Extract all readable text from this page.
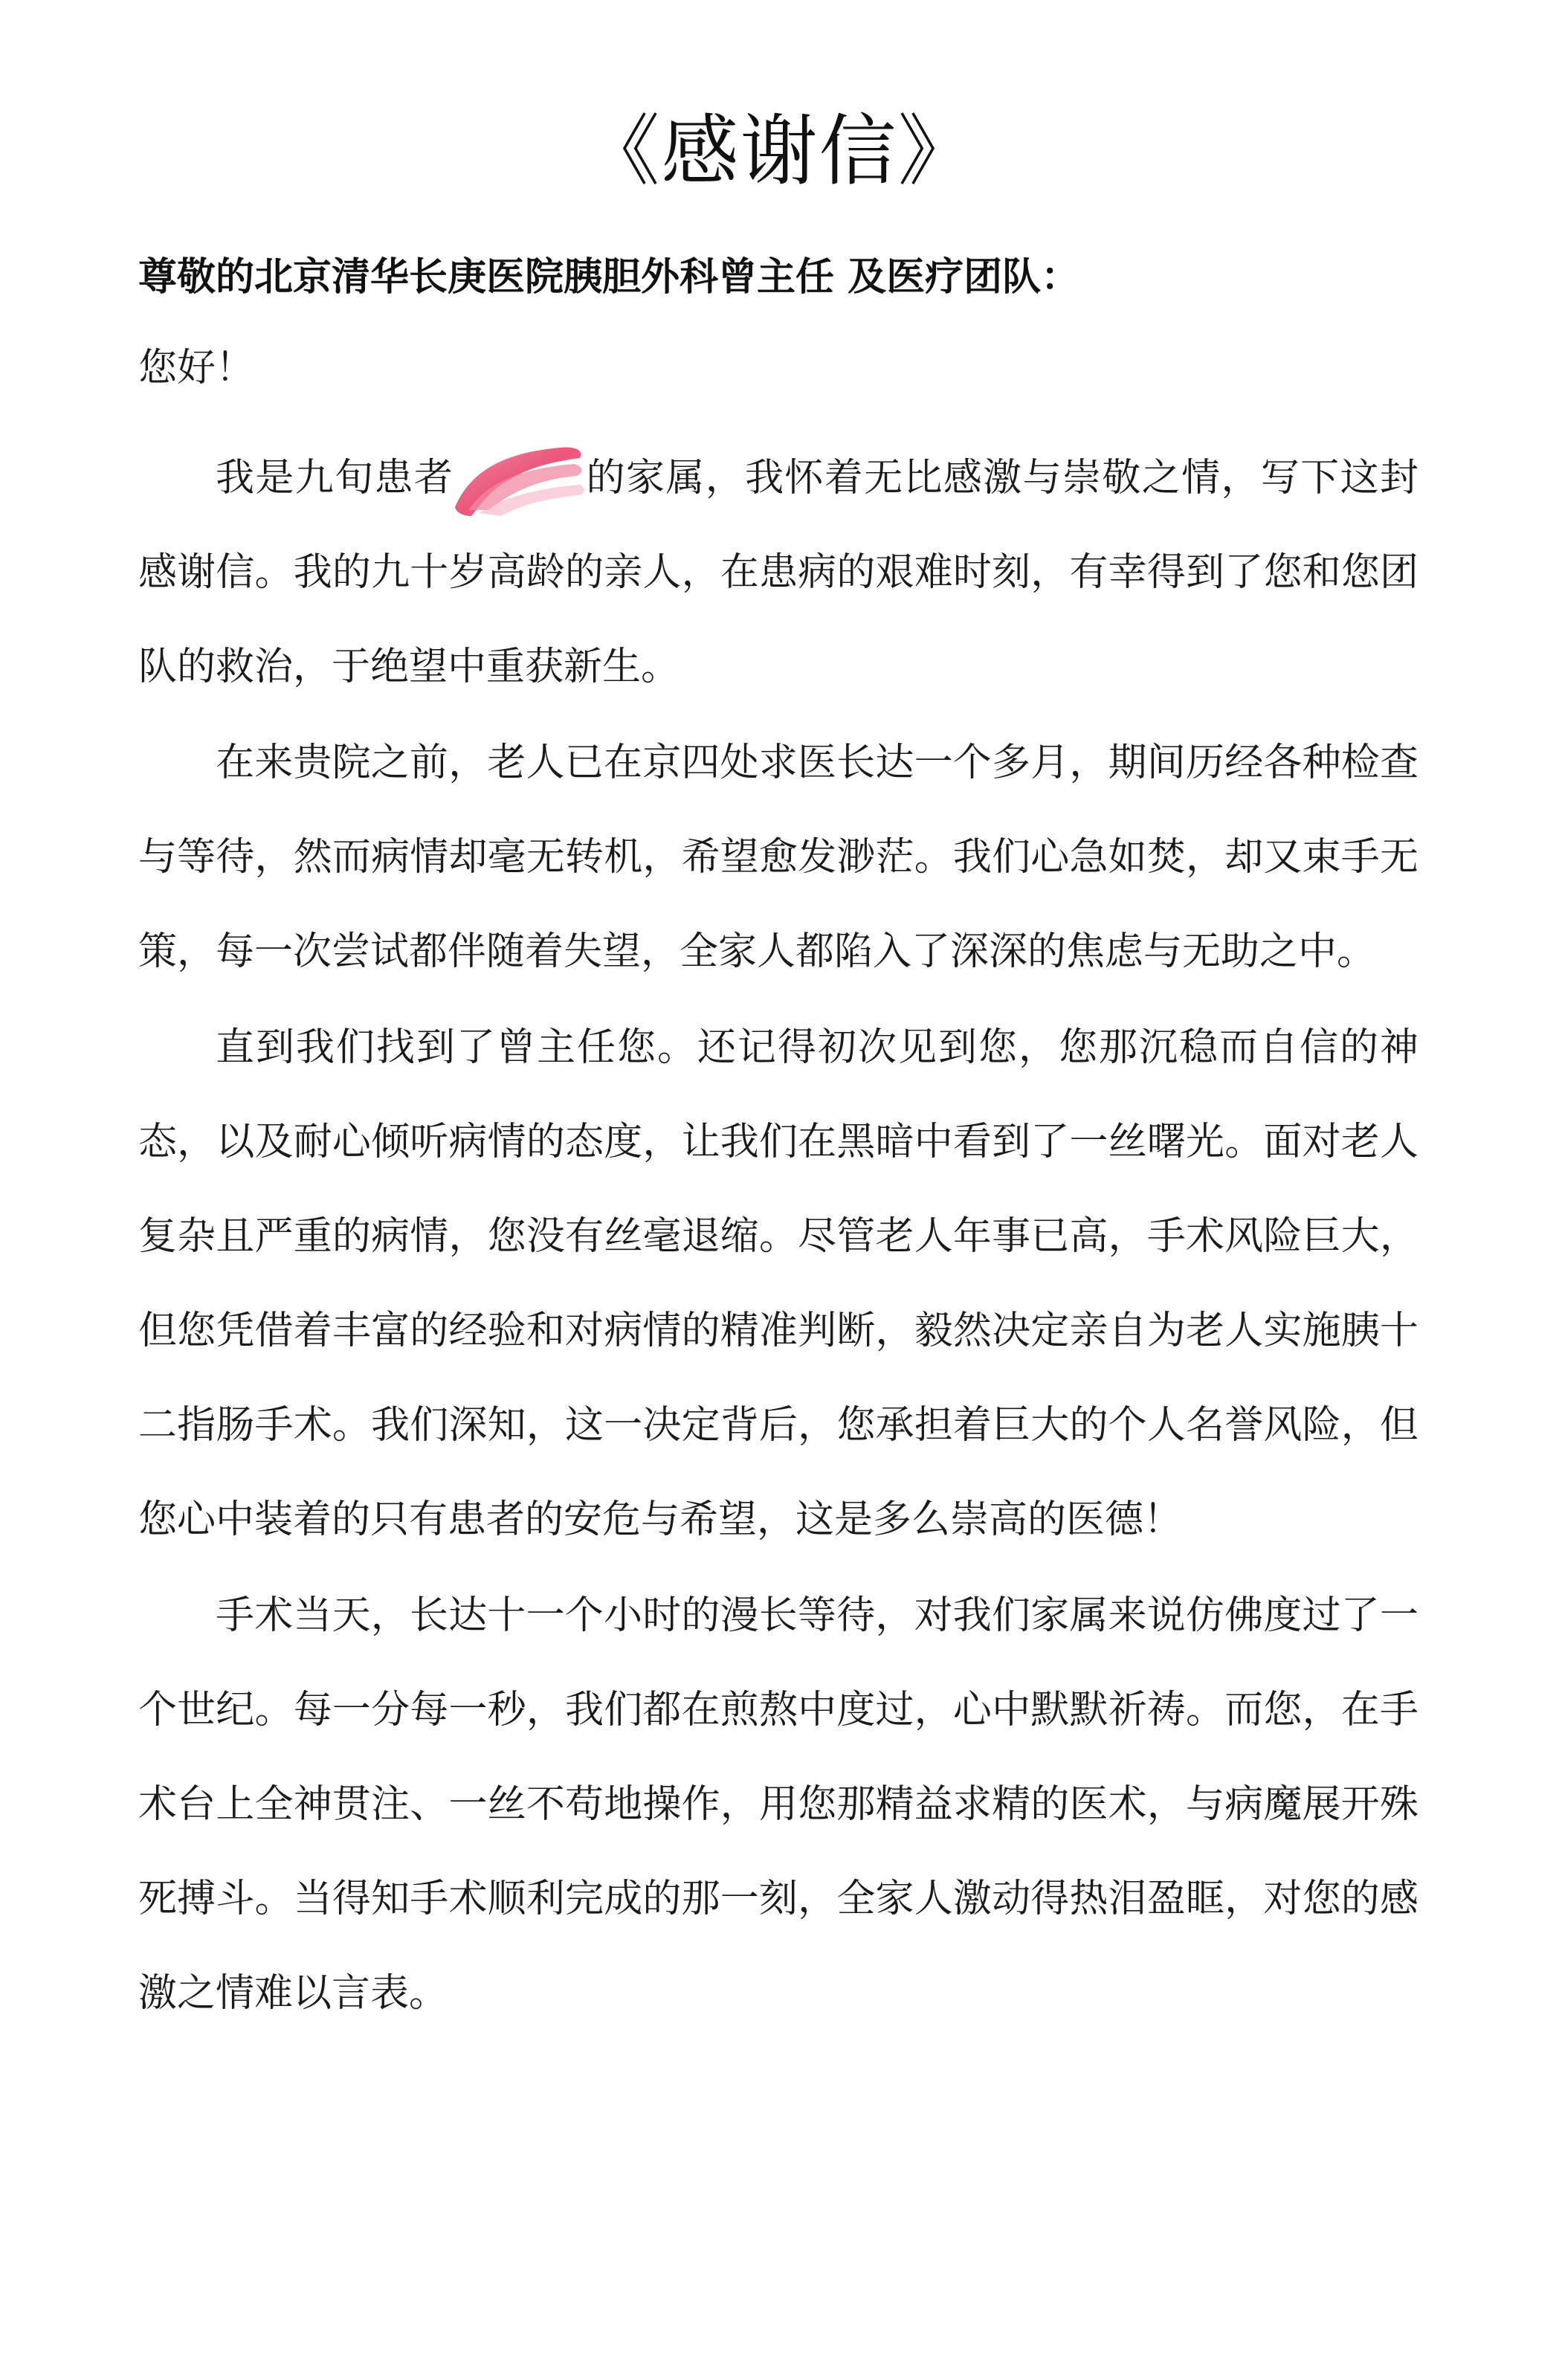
《感谢信》
尊敬的北京清华长庚医院胰胆外科曾主任 及医疗团队：
您好！

我是九旬患者	的家属，我怀着无比感激与崇敬之情，写下这封感谢信。我的九十岁高龄的亲人，在患病的艰难时刻，有幸得到了您和您团队的救治，于绝望中重获新生。

在来贵院之前，老人已在京四处求医长达一个多月，期间历经各种检查与等待，然而病情却毫无转机，希望愈发渺茫。我们心急如焚，却又束手无策，每一次尝试都伴随着失望，全家人都陷入了深深的焦虑与无助之中。

直到我们找到了曾主任您。还记得初次见到您，您那沉稳而自信的神态，以及耐心倾听病情的态度，让我们在黑暗中看到了一丝曙光。面对老人复杂且严重的病情，您没有丝毫退缩。尽管老人年事已高，手术风险巨大，但您凭借着丰富的经验和对病情的精准判断，毅然决定亲自为老人实施胰十二指肠手术。我们深知，这一决定背后，您承担着巨大的个人名誉风险，但您心中装着的只有患者的安危与希望，这是多么崇高的医德！

手术当天，长达十一个小时的漫长等待，对我们家属来说仿佛度过了一个世纪。每一分每一秒，我们都在煎熬中度过，心中默默祈祷。而您，在手术台上全神贯注、一丝不苟地操作，用您那精益求精的医术，与病魔展开殊死搏斗。当得知手术顺利完成的那一刻，全家人激动得热泪盈眶，对您的感激之情难以言表。
